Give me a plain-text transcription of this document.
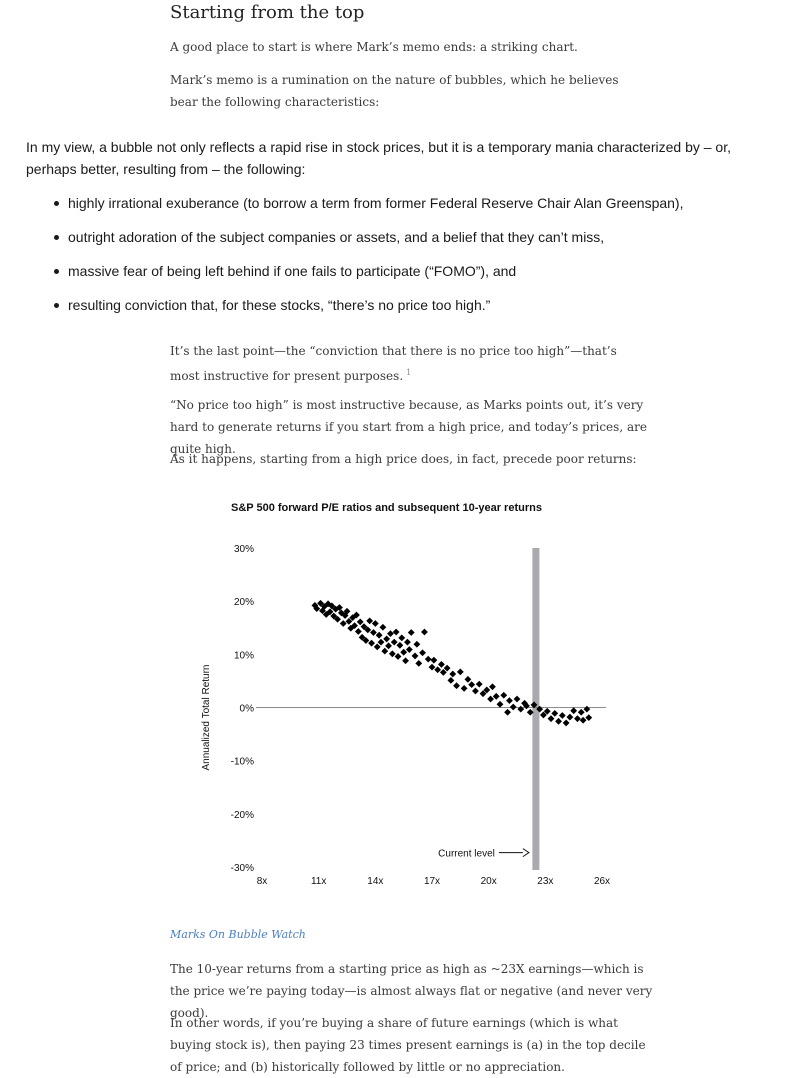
Starting from the top

A good place to start is where Mark’s memo ends: a striking chart.

Mark’s memo is a rumination on the nature of bubbles, which he believes bear the following characteristics:

In my view, a bubble not only reflects a rapid rise in stock prices, but it is a temporary mania characterized by – or, perhaps better, resulting from – the following:

highly irrational exuberance (to borrow a term from former Federal Reserve Chair Alan Greenspan),
outright adoration of the subject companies or assets, and a belief that they can’t miss,
massive fear of being left behind if one fails to participate (“FOMO”), and
resulting conviction that, for these stocks, “there’s no price too high.”

It’s the last point—the “conviction that there is no price too high”—that’s most instructive for present purposes. $^1$

“No price too high” is most instructive because, as Marks points out, it’s very hard to generate returns if you start from a high price, and today’s prices, are quite high.

As it happens, starting from a high price does, in fact, precede poor returns:

S&P 500 forward P/E ratios and subsequent 10-year returns
30%
20%
10%
0%
-10%
-20%
-30%
8x	11x	14x	17x	20x	23x	26x
Annualized Total Return
Current level
Marks On Bubble Watch

The 10-year returns from a starting price as high as ~23X earnings—which is the price we’re paying today—is almost always flat or negative (and never very good).

In other words, if you’re buying a share of future earnings (which is what buying stock is), then paying 23 times present earnings is (a) in the top decile of price; and (b) historically followed by little or no appreciation.
